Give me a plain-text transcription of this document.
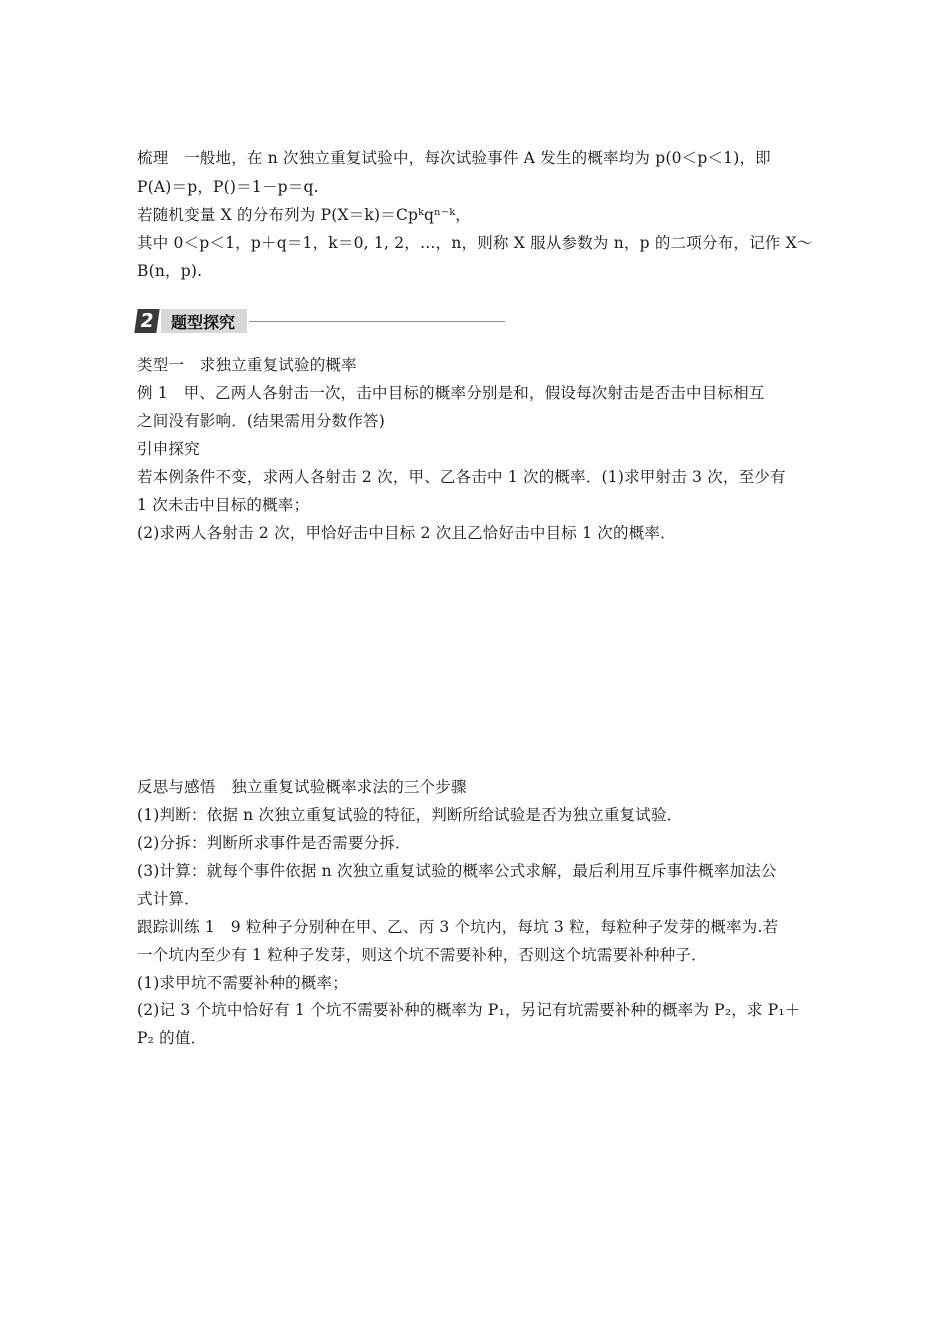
梳理　一般地，在 n 次独立重复试验中，每次试验事件 A 发生的概率均为 p(0＜p＜1)，即
P(A)＝p，P()＝1－p＝q.
若随机变量 X 的分布列为 P(X＝k)＝Cpᵏqⁿ⁻ᵏ，
其中 0＜p＜1，p＋q＝1，k＝0, 1, 2，…，n，则称 X 服从参数为 n，p 的二项分布，记作 X～
B(n，p).
2 题型探究
类型一　求独立重复试验的概率
例 1　甲、乙两人各射击一次，击中目标的概率分别是和，假设每次射击是否击中目标相互
之间没有影响．(结果需用分数作答)
引申探究
若本例条件不变，求两人各射击 2 次，甲、乙各击中 1 次的概率．(1)求甲射击 3 次，至少有
1 次未击中目标的概率；
(2)求两人各射击 2 次，甲恰好击中目标 2 次且乙恰好击中目标 1 次的概率．
反思与感悟　独立重复试验概率求法的三个步骤
(1)判断：依据 n 次独立重复试验的特征，判断所给试验是否为独立重复试验．
(2)分拆：判断所求事件是否需要分拆．
(3)计算：就每个事件依据 n 次独立重复试验的概率公式求解，最后利用互斥事件概率加法公
式计算．
跟踪训练 1　9 粒种子分别种在甲、乙、丙 3 个坑内，每坑 3 粒，每粒种子发芽的概率为.若
一个坑内至少有 1 粒种子发芽，则这个坑不需要补种，否则这个坑需要补种种子．
(1)求甲坑不需要补种的概率；
(2)记 3 个坑中恰好有 1 个坑不需要补种的概率为 P₁，另记有坑需要补种的概率为 P₂，求 P₁＋
P₂ 的值．
